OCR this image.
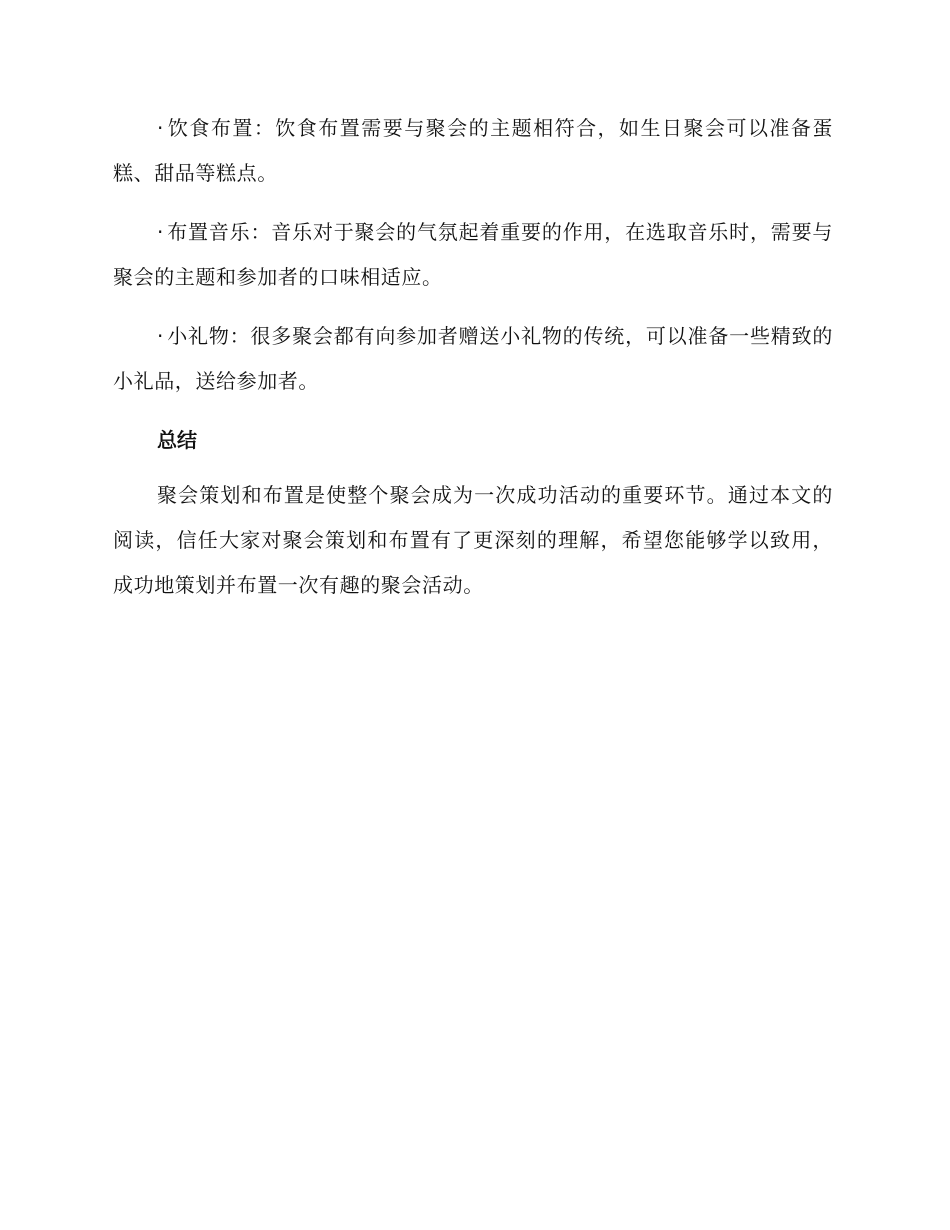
· 饮食布置：饮食布置需要与聚会的主题相符合，如生日聚会可以准备蛋糕、甜品等糕点。

· 布置音乐：音乐对于聚会的气氛起着重要的作用，在选取音乐时，需要与聚会的主题和参加者的口味相适应。

· 小礼物：很多聚会都有向参加者赠送小礼物的传统，可以准备一些精致的小礼品，送给参加者。

总结

聚会策划和布置是使整个聚会成为一次成功活动的重要环节。通过本文的阅读，信任大家对聚会策划和布置有了更深刻的理解，希望您能够学以致用，成功地策划并布置一次有趣的聚会活动。
